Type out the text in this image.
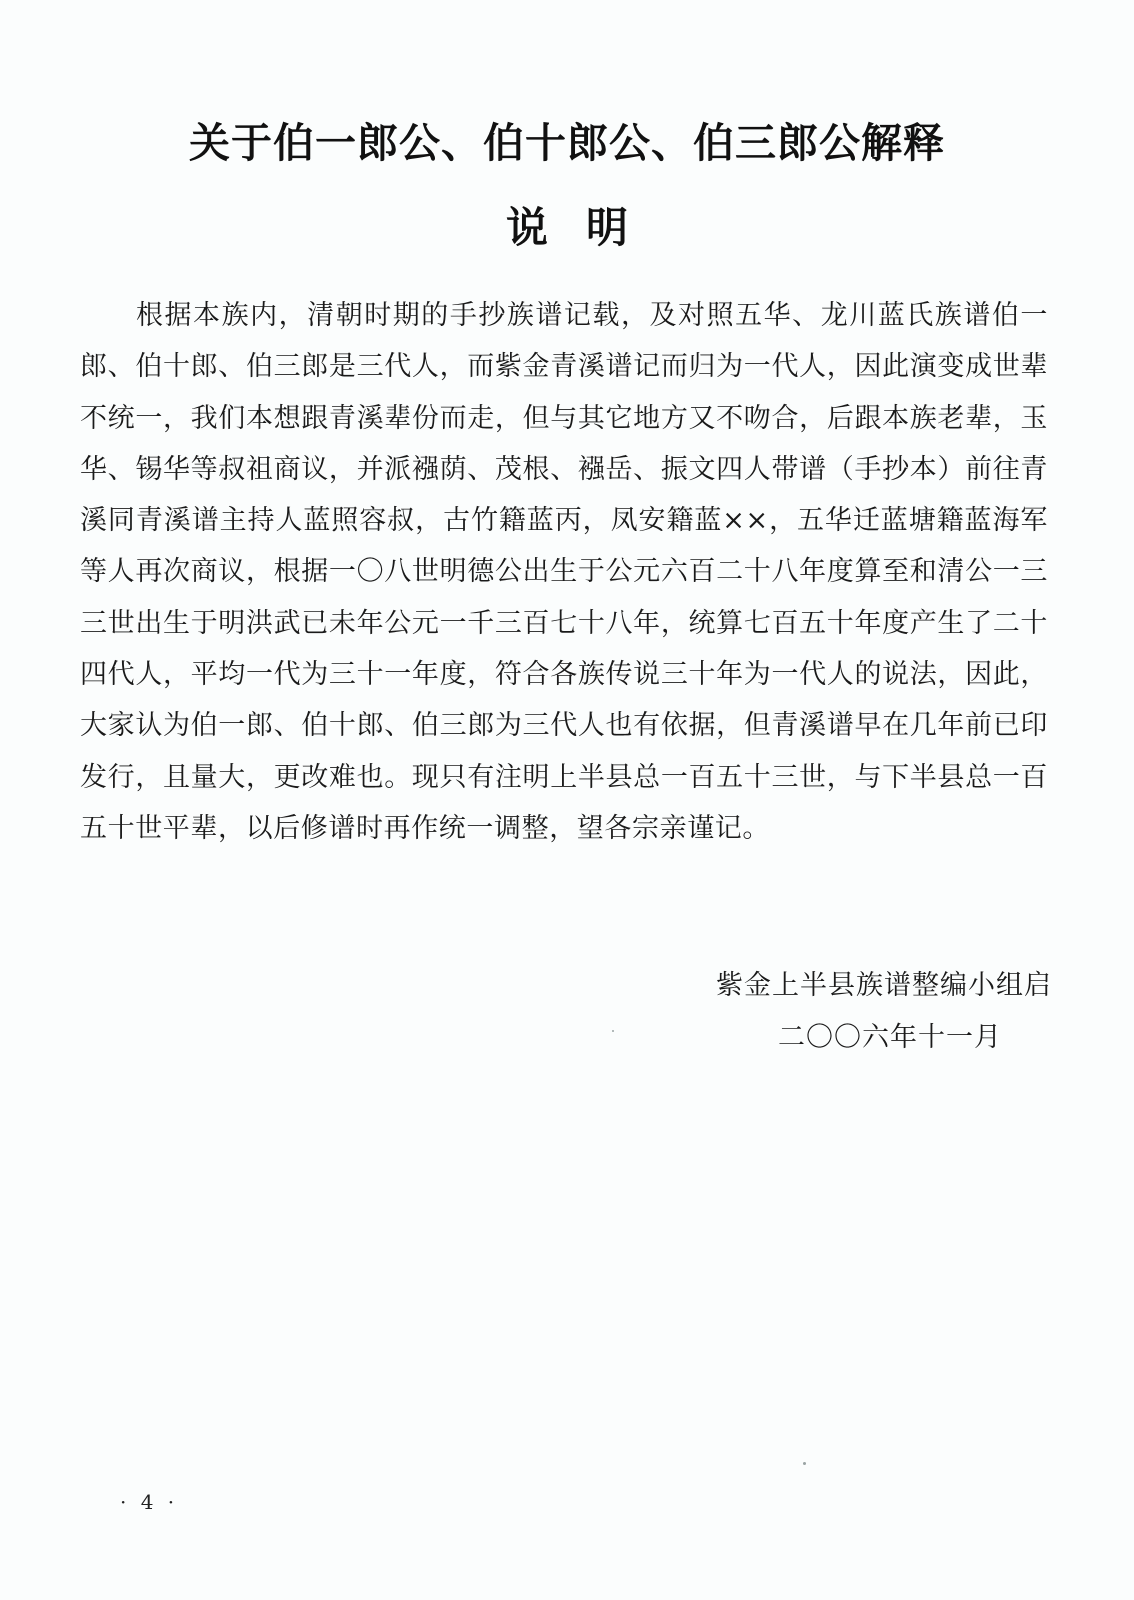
关于伯一郎公、伯十郎公、伯三郎公解释
说明

根据本族内，清朝时期的手抄族谱记载，及对照五华、龙川蓝氏族谱伯一郎、伯十郎、伯三郎是三代人，而紫金青溪谱记而归为一代人，因此演变成世辈不统一，我们本想跟青溪辈份而走，但与其它地方又不吻合，后跟本族老辈，玉华、锡华等叔祖商议，并派襁荫、茂根、襁岳、振文四人带谱（手抄本）前往青溪同青溪谱主持人蓝照容叔，古竹籍蓝丙，凤安籍蓝××，五华迁蓝塘籍蓝海军等人再次商议，根据一〇八世明德公出生于公元六百二十八年度算至和清公一三三世出生于明洪武已未年公元一千三百七十八年，统算七百五十年度产生了二十四代人，平均一代为三十一年度，符合各族传说三十年为一代人的说法，因此，大家认为伯一郎、伯十郎、伯三郎为三代人也有依据，但青溪谱早在几年前已印发行，且量大，更改难也。现只有注明上半县总一百五十三世，与下半县总一百五十世平辈，以后修谱时再作统一调整，望各宗亲谨记。

紫金上半县族谱整编小组启
二〇〇六年十一月
· 4 ·
